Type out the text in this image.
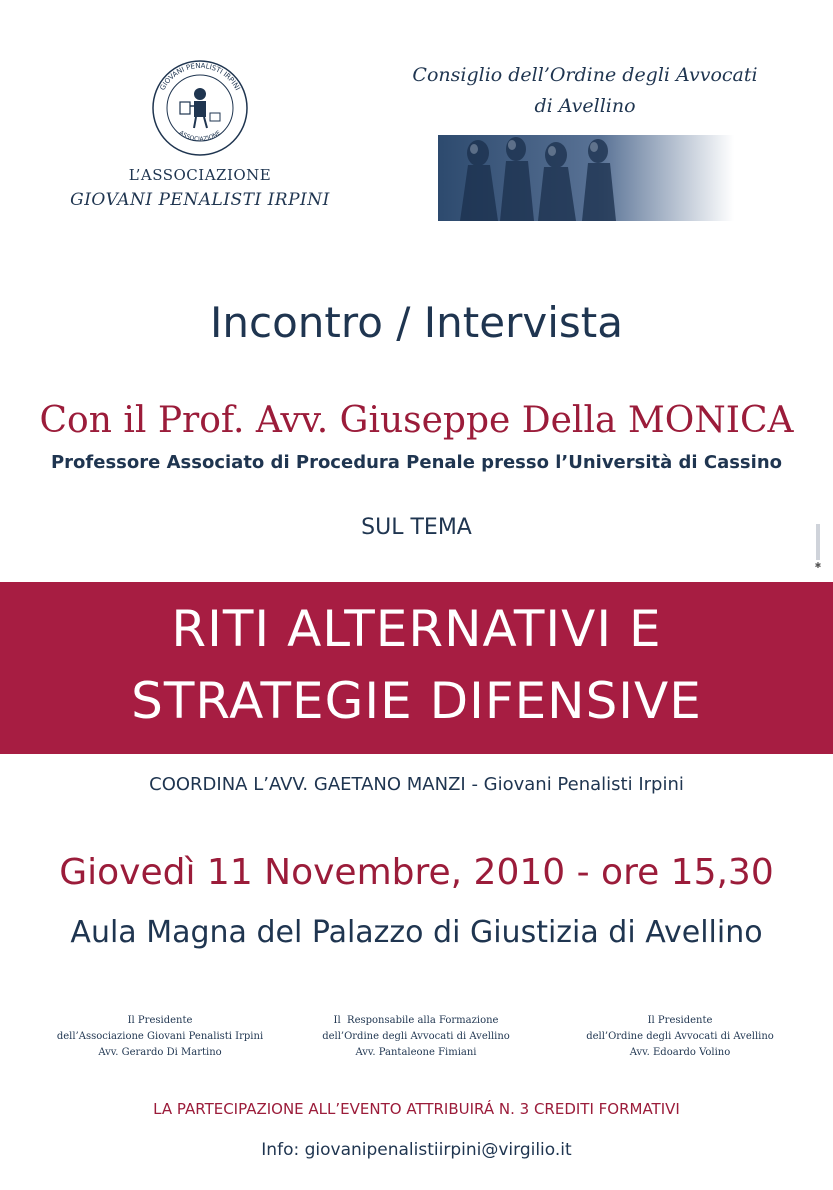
GIOVANI PENALISTI IRPINI
ASSOCIAZIONE
L’ASSOCIAZIONE
GIOVANI PENALISTI IRPINI
Consiglio dell’Ordine degli Avvocati
di Avellino
Incontro / Intervista
Con il Prof. Avv. Giuseppe Della MONICA
Professore Associato di Procedura Penale presso l’Università di Cassino
SUL TEMA
✱
RITI ALTERNATIVI E
STRATEGIE DIFENSIVE
COORDINA L’AVV. GAETANO MANZI - Giovani Penalisti Irpini
Giovedì 11 Novembre, 2010 - ore 15,30
Aula Magna del Palazzo di Giustizia di Avellino
Il Presidente
dell’Associazione Giovani Penalisti Irpini
Avv. Gerardo Di Martino
Il  Responsabile alla Formazione
dell’Ordine degli Avvocati di Avellino
Avv. Pantaleone Fimiani
Il Presidente
dell’Ordine degli Avvocati di Avellino
Avv. Edoardo Volino
LA PARTECIPAZIONE ALL’EVENTO ATTRIBUIRÁ N. 3 CREDITI FORMATIVI
Info: giovanipenalistiirpini@virgilio.it
